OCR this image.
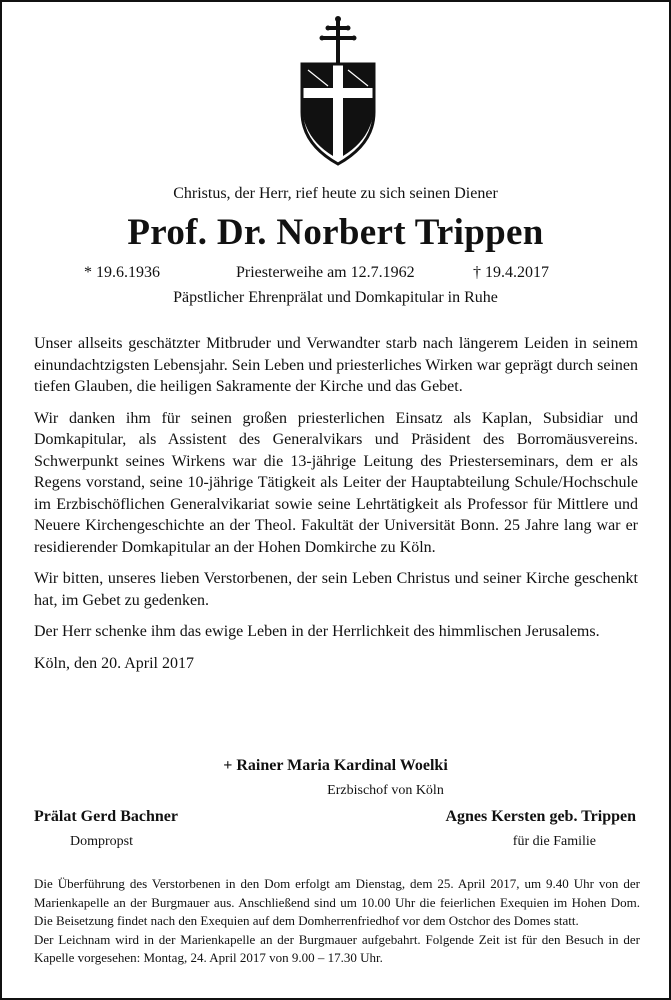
Christus, der Herr, rief heute zu sich seinen Diener
Prof. Dr. Norbert Trippen
* 19.6.1936	Priesterweihe am 12.7.1962	† 19.4.2017
Päpstlicher Ehrenprälat und Domkapitular in Ruhe

Unser allseits geschätzter Mitbruder und Verwandter starb nach längerem Leiden in seinem einundachtzigsten Lebensjahr. Sein Leben und priesterliches Wirken war geprägt durch seinen tiefen Glauben, die heiligen Sakramente der Kirche und das Gebet.

Wir danken ihm für seinen großen priesterlichen Einsatz als Kaplan, Subsidiar und Domkapitular, als Assistent des Generalvikars und Präsident des Borromäusvereins. Schwerpunkt seines Wirkens war die 13-jährige Leitung des Priesterseminars, dem er als Regens vorstand, seine 10-jährige Tätigkeit als Leiter der Hauptabteilung Schule/Hochschule im Erzbischöflichen Generalvikariat sowie seine Lehrtätigkeit als Professor für Mittlere und Neuere Kirchengeschichte an der Theol. Fakultät der Universität Bonn. 25 Jahre lang war er residierender Domkapitular an der Hohen Domkirche zu Köln.

Wir bitten, unseres lieben Verstorbenen, der sein Leben Christus und seiner Kirche geschenkt hat, im Gebet zu gedenken.

Der Herr schenke ihm das ewige Leben in der Herrlichkeit des himmlischen Jerusalems.

Köln, den 20. April 2017

+ Rainer Maria Kardinal Woelki
Erzbischof von Köln
Prälat Gerd Bachner
Dompropst
Agnes Kersten geb. Trippen
für die Familie

Die Überführung des Verstorbenen in den Dom erfolgt am Dienstag, dem 25. April 2017, um 9.40 Uhr von der Marienkapelle an der Burgmauer aus. Anschließend sind um 10.00 Uhr die feierlichen Exequien im Hohen Dom. Die Beisetzung findet nach den Exequien auf dem Domherrenfriedhof vor dem Ostchor des Domes statt.

Der Leichnam wird in der Marienkapelle an der Burgmauer aufgebahrt. Folgende Zeit ist für den Besuch in der Kapelle vorgesehen: Montag, 24. April 2017 von 9.00 – 17.30 Uhr.
